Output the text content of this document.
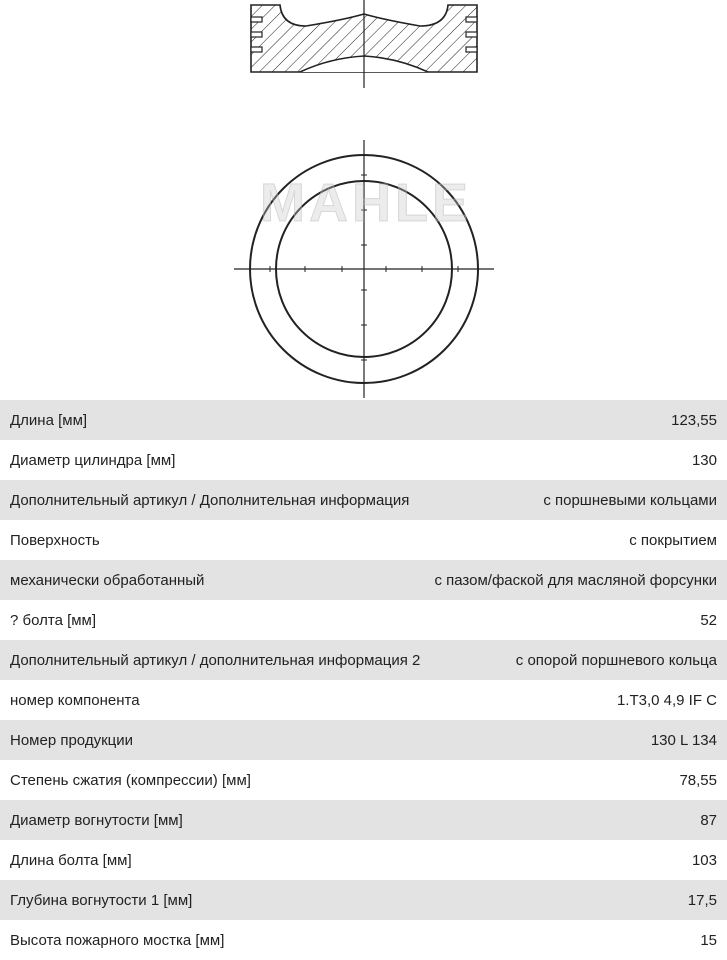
MAHLE
Длина [мм]	123,55
Диаметр цилиндра [мм]	130
Дополнительный артикул / Дополнительная информация	с поршневыми кольцами
Поверхность	с покрытием
механически обработанный	с пазом/фаской для масляной форсунки
? болта [мм]	52
Дополнительный артикул / дополнительная информация 2	с опорой поршневого кольца
номер компонента	1.T3,0 4,9 IF C
Номер продукции	130 L 134
Степень сжатия (компрессии) [мм]	78,55
Диаметр вогнутости [мм]	87
Длина болта [мм]	103
Глубина вогнутости 1 [мм]	17,5
Высота пожарного мостка [мм]	15
